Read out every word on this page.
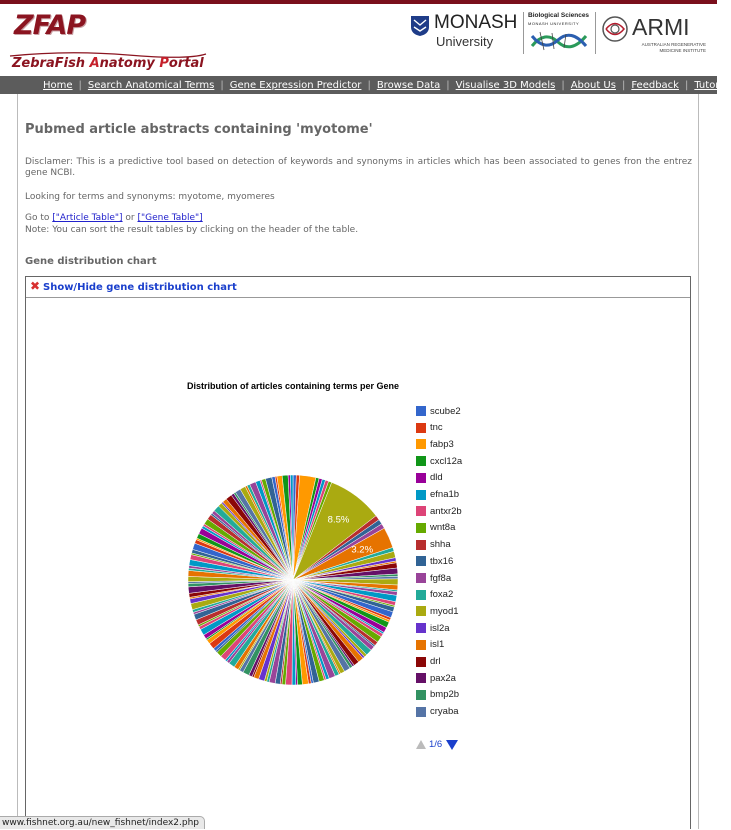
ZFAP
ZebraFish Anatomy Portal
MONASH
University
Biological Sciences
MONASH UNIVERSITY ARMI
AUSTRALIAN REGENERATIVE
MEDICINE INSTITUTE
Home | Search Anatomical Terms | Gene Expression Predictor | Browse Data | Visualise 3D Models | About Us | Feedback | Tutorial
Pubmed article abstracts containing 'myotome'
Disclamer: This is a predictive tool based on detection of keywords and synonyms in articles which has been associated to genes fron the entrez gene NCBI.
Looking for terms and synonyms: myotome, myomeres
Go to ["Article Table"] or ["Gene Table"]
Note: You can sort the result tables by clicking on the header of the table.
Gene distribution chart
✖ Show/Hide gene distribution chart
Distribution of articles containing terms per Gene
8.5%
3.2%
scube2
tnc
fabp3
cxcl12a
dld
efna1b
antxr2b
wnt8a
shha
tbx16
fgf8a
foxa2
myod1
isl2a
isl1
drl
pax2a
bmp2b
cryaba
1/6
www.fishnet.org.au/new_fishnet/index2.php
